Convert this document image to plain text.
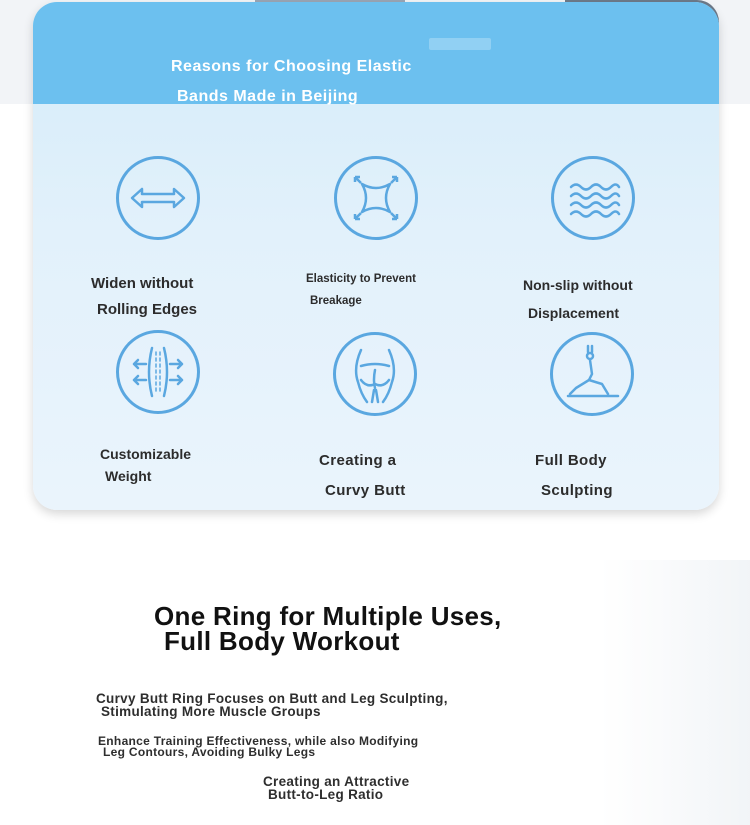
Reasons for Choosing Elastic

Bands Made in Beijing

Widen without

Rolling Edges

Elasticity to Prevent

Breakage

Non-slip without

Displacement

Customizable

Weight

Creating a

Curvy Butt

Full Body

Sculpting

One Ring for Multiple Uses,
Full Body Workout
Curvy Butt Ring Focuses on Butt and Leg Sculpting,
Stimulating More Muscle Groups
Enhance Training Effectiveness, while also Modifying
Leg Contours, Avoiding Bulky Legs
Creating an Attractive
Butt-to-Leg Ratio
